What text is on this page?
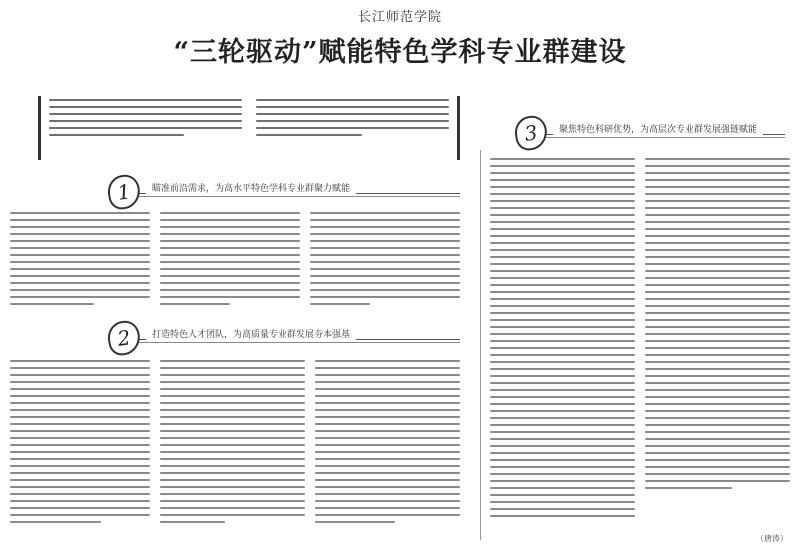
长江师范学院
“三轮驱动”赋能特色学科专业群建设
3	聚焦特色科研优势，为高层次专业群发展强链赋能
1	瞄准前沿需求，为高水平特色学科专业群聚力赋能
2	打造特色人才团队，为高质量专业群发展夯本强基
（唐涛）
